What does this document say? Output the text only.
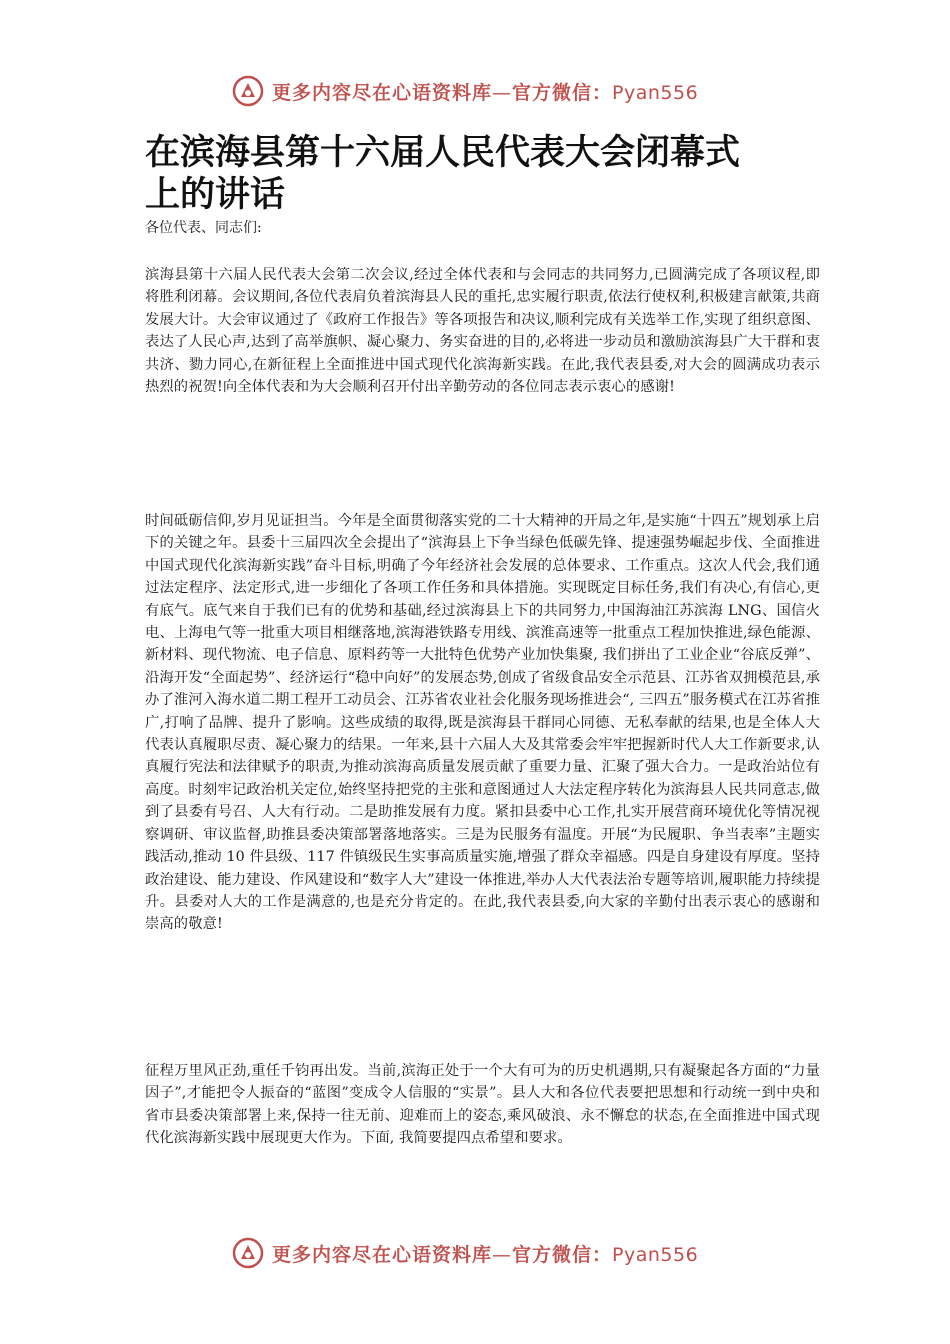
更多内容尽在心语资料库—官方微信：Pyan556
在滨海县第十六届人民代表大会闭幕式
上的讲话

各位代表、同志们:

滨海县第十六届人民代表大会第二次会议,经过全体代表和与会同志的共同努力,已圆满完成了各项议程,即将胜利闭幕。会议期间,各位代表肩负着滨海县人民的重托,忠实履行职责,依法行使权利,积极建言献策,共商发展大计。大会审议通过了《政府工作报告》等各项报告和决议,顺利完成有关选举工作,实现了组织意图、表达了人民心声,达到了高举旗帜、凝心聚力、务实奋进的目的,必将进一步动员和激励滨海县广大干群和衷共济、勠力同心,在新征程上全面推进中国式现代化滨海新实践。在此,我代表县委,对大会的圆满成功表示热烈的祝贺!向全体代表和为大会顺利召开付出辛勤劳动的各位同志表示衷心的感谢!

时间砥砺信仰,岁月见证担当。今年是全面贯彻落实党的二十大精神的开局之年,是实施“十四五”规划承上启下的关键之年。县委十三届四次全会提出了“滨海县上下争当绿色低碳先锋、提速强势崛起步伐、全面推进中国式现代化滨海新实践”奋斗目标,明确了今年经济社会发展的总体要求、工作重点。这次人代会,我们通过法定程序、法定形式,进一步细化了各项工作任务和具体措施。实现既定目标任务,我们有决心,有信心,更有底气。底气来自于我们已有的优势和基础,经过滨海县上下的共同努力,中国海油江苏滨海 LNG、国信火电、上海电气等一批重大项目相继落地,滨海港铁路专用线、滨淮高速等一批重点工程加快推进,绿色能源、新材料、现代物流、电子信息、原料药等一大批特色优势产业加快集聚, 我们拼出了工业企业“谷底反弹”、沿海开发“全面起势”、经济运行“稳中向好”的发展态势,创成了省级食品安全示范县、江苏省双拥模范县,承办了淮河入海水道二期工程开工动员会、江苏省农业社会化服务现场推进会“, 三四五”服务模式在江苏省推广,打响了品牌、提升了影响。这些成绩的取得,既是滨海县干群同心同德、无私奉献的结果,也是全体人大代表认真履职尽责、凝心聚力的结果。一年来,县十六届人大及其常委会牢牢把握新时代人大工作新要求,认真履行宪法和法律赋予的职责,为推动滨海高质量发展贡献了重要力量、汇聚了强大合力。一是政治站位有高度。时刻牢记政治机关定位,始终坚持把党的主张和意图通过人大法定程序转化为滨海县人民共同意志,做到了县委有号召、人大有行动。二是助推发展有力度。紧扣县委中心工作,扎实开展营商环境优化等情况视察调研、审议监督,助推县委决策部署落地落实。三是为民服务有温度。开展“为民履职、争当表率”主题实践活动,推动 10 件县级、117 件镇级民生实事高质量实施,增强了群众幸福感。四是自身建设有厚度。坚持政治建设、能力建设、作风建设和“数字人大”建设一体推进,举办人大代表法治专题等培训,履职能力持续提升。县委对人大的工作是满意的,也是充分肯定的。在此,我代表县委,向大家的辛勤付出表示衷心的感谢和崇高的敬意!

征程万里风正劲,重任千钧再出发。当前,滨海正处于一个大有可为的历史机遇期,只有凝聚起各方面的“力量因子”,才能把令人振奋的“蓝图”变成令人信服的“实景”。县人大和各位代表要把思想和行动统一到中央和省市县委决策部署上来,保持一往无前、迎难而上的姿态,乘风破浪、永不懈怠的状态,在全面推进中国式现代化滨海新实践中展现更大作为。下面, 我简要提四点希望和要求。

更多内容尽在心语资料库—官方微信：Pyan556
